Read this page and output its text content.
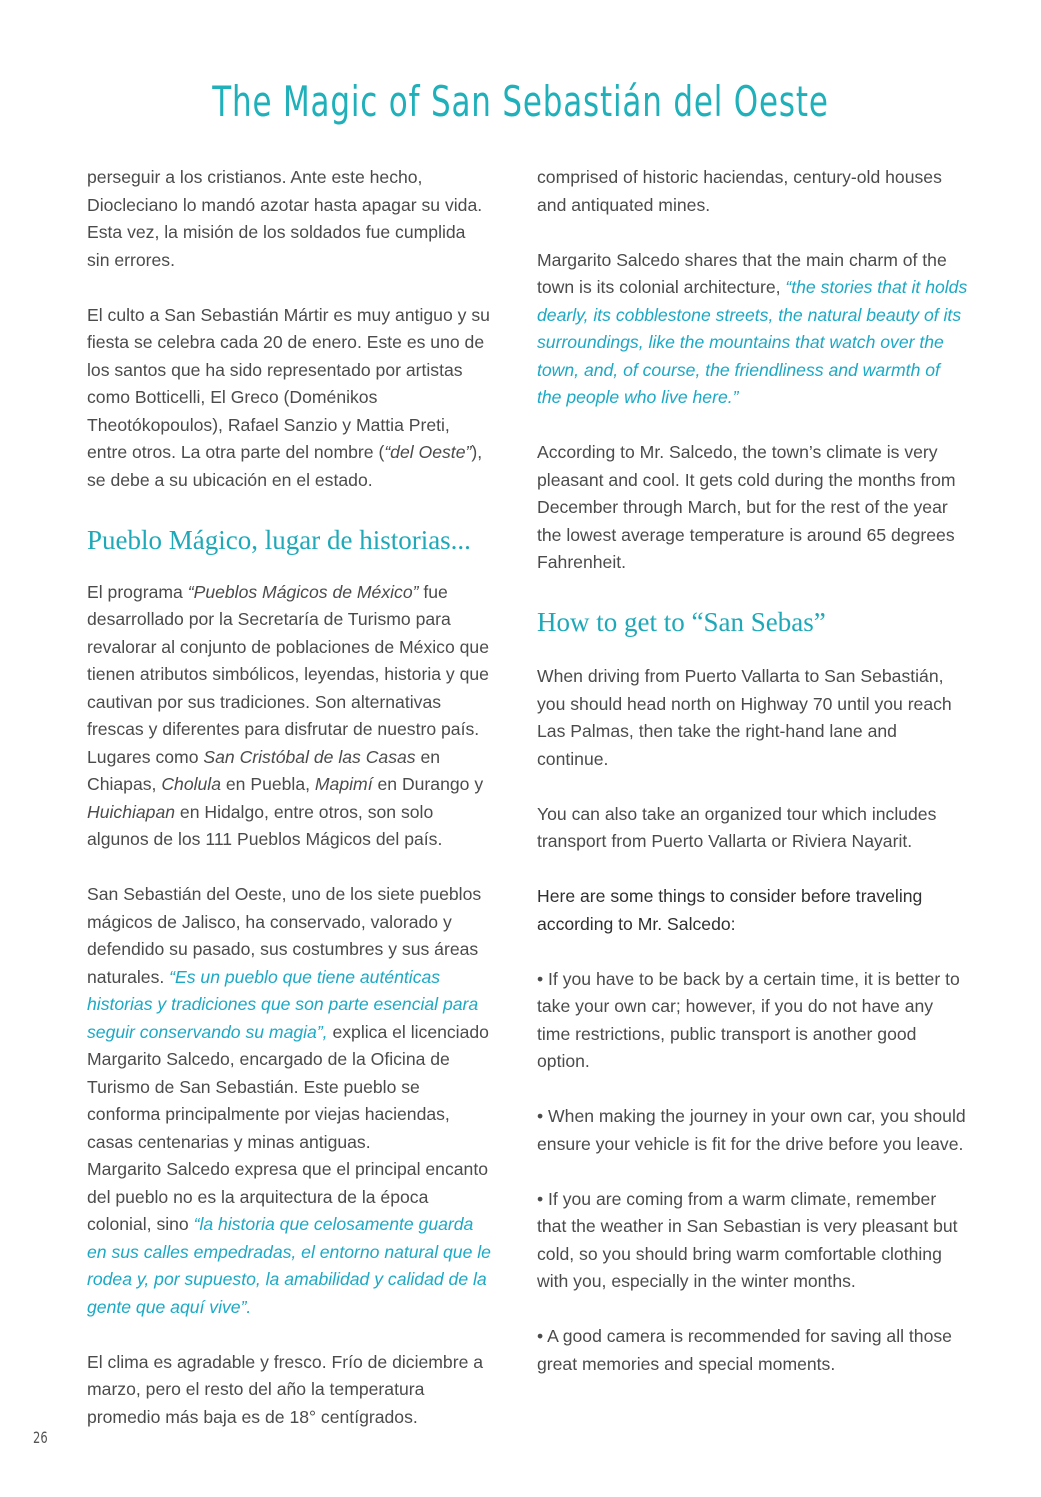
The Magic of San Sebastián del Oeste

perseguir a los cristianos. Ante este hecho, Diocleciano lo mandó azotar hasta apagar su vida. Esta vez, la misión de los soldados fue cumplida sin errores.

El culto a San Sebastián Mártir es muy antiguo y su fiesta se celebra cada 20 de enero. Este es uno de los santos que ha sido representado por artistas como Botticelli, El Greco (Doménikos Theotókopoulos), Rafael Sanzio y Mattia Preti, entre otros. La otra parte del nombre (“del Oeste”), se debe a su ubicación en el estado.

Pueblo Mágico, lugar de historias...

El programa “Pueblos Mágicos de México” fue desarrollado por la Secretaría de Turismo para revalorar al conjunto de poblaciones de México que tienen atributos simbólicos, leyendas, historia y que cautivan por sus tradiciones. Son alternativas frescas y diferentes para disfrutar de nuestro país. Lugares como San Cristóbal de las Casas en Chiapas, Cholula en Puebla, Mapimí en Durango y Huichiapan en Hidalgo, entre otros, son solo algunos de los 111 Pueblos Mágicos del país.

San Sebastián del Oeste, uno de los siete pueblos mágicos de Jalisco, ha conservado, valorado y defendido su pasado, sus costumbres y sus áreas naturales. “Es un pueblo que tiene auténticas historias y tradiciones que son parte esencial para seguir conservando su magia”, explica el licenciado Margarito Salcedo, encargado de la Oficina de Turismo de San Sebastián. Este pueblo se conforma principalmente por viejas haciendas, casas centenarias y minas antiguas.

Margarito Salcedo expresa que el principal encanto del pueblo no es la arquitectura de la época colonial, sino “la historia que celosamente guarda en sus calles empedradas, el entorno natural que le rodea y, por supuesto, la amabilidad y calidad de la gente que aquí vive”.

El clima es agradable y fresco. Frío de diciembre a marzo, pero el resto del año la temperatura promedio más baja es de 18° centígrados.

comprised of historic haciendas, century-old houses and antiquated mines.

Margarito Salcedo shares that the main charm of the town is its colonial architecture, “the stories that it holds dearly, its cobblestone streets, the natural beauty of its surroundings, like the mountains that watch over the town, and, of course, the friendliness and warmth of the people who live here.”

According to Mr. Salcedo, the town’s climate is very pleasant and cool. It gets cold during the months from December through March, but for the rest of the year the lowest average temperature is around 65 degrees Fahrenheit.

How to get to “San Sebas”

When driving from Puerto Vallarta to San Sebastián, you should head north on Highway 70 until you reach Las Palmas, then take the right-hand lane and continue.

You can also take an organized tour which includes transport from Puerto Vallarta or Riviera Nayarit.

Here are some things to consider before traveling according to Mr. Salcedo:

• If you have to be back by a certain time, it is better to take your own car; however, if you do not have any time restrictions, public transport is another good option.

• When making the journey in your own car, you should ensure your vehicle is fit for the drive before you leave.

• If you are coming from a warm climate, remember that the weather in San Sebastian is very pleasant but cold, so you should bring warm comfortable clothing with you, especially in the winter months.

• A good camera is recommended for saving all those great memories and special moments.

26
